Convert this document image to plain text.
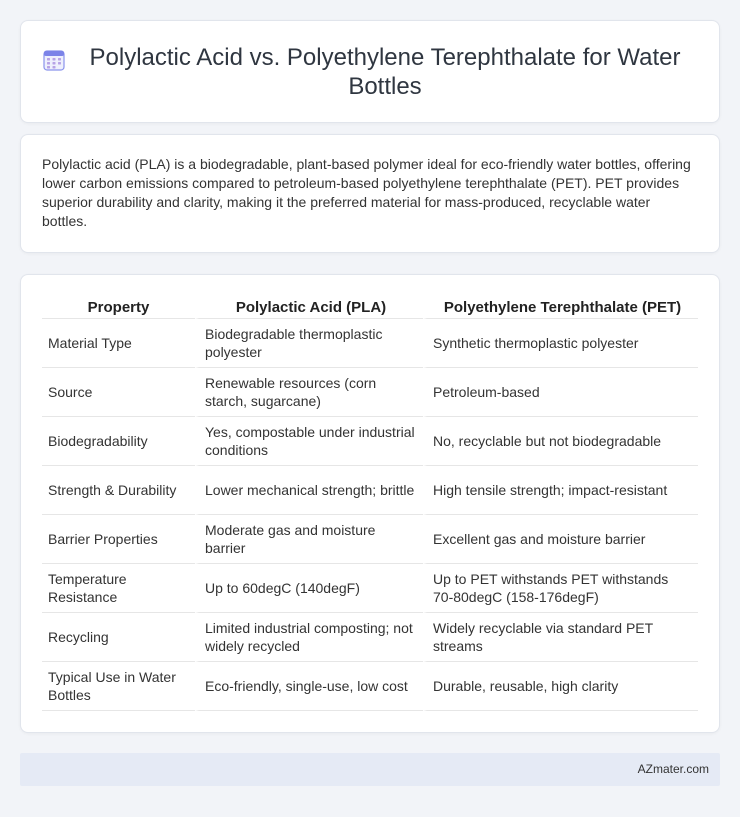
Polylactic Acid vs. Polyethylene Terephthalate for Water Bottles

Polylactic acid (PLA) is a biodegradable, plant-based polymer ideal for eco-friendly water bottles, offering lower carbon emissions compared to petroleum-based polyethylene terephthalate (PET). PET provides superior durability and clarity, making it the preferred material for mass-produced, recyclable water bottles.

Property	Polylactic Acid (PLA)	Polyethylene Terephthalate (PET)
Material Type	Biodegradable thermoplastic polyester	Synthetic thermoplastic polyester
Source	Renewable resources (corn starch, sugarcane)	Petroleum-based
Biodegradability	Yes, compostable under industrial conditions	No, recyclable but not biodegradable
Strength & Durability	Lower mechanical strength; brittle	High tensile strength; impact-resistant
Barrier Properties	Moderate gas and moisture barrier	Excellent gas and moisture barrier
Temperature Resistance	Up to 60degC (140degF)	Up to PET withstands PET withstands 70-80degC (158-176degF)
Recycling	Limited industrial composting; not widely recycled	Widely recyclable via standard PET streams
Typical Use in Water Bottles	Eco-friendly, single-use, low cost	Durable, reusable, high clarity
AZmater.com
